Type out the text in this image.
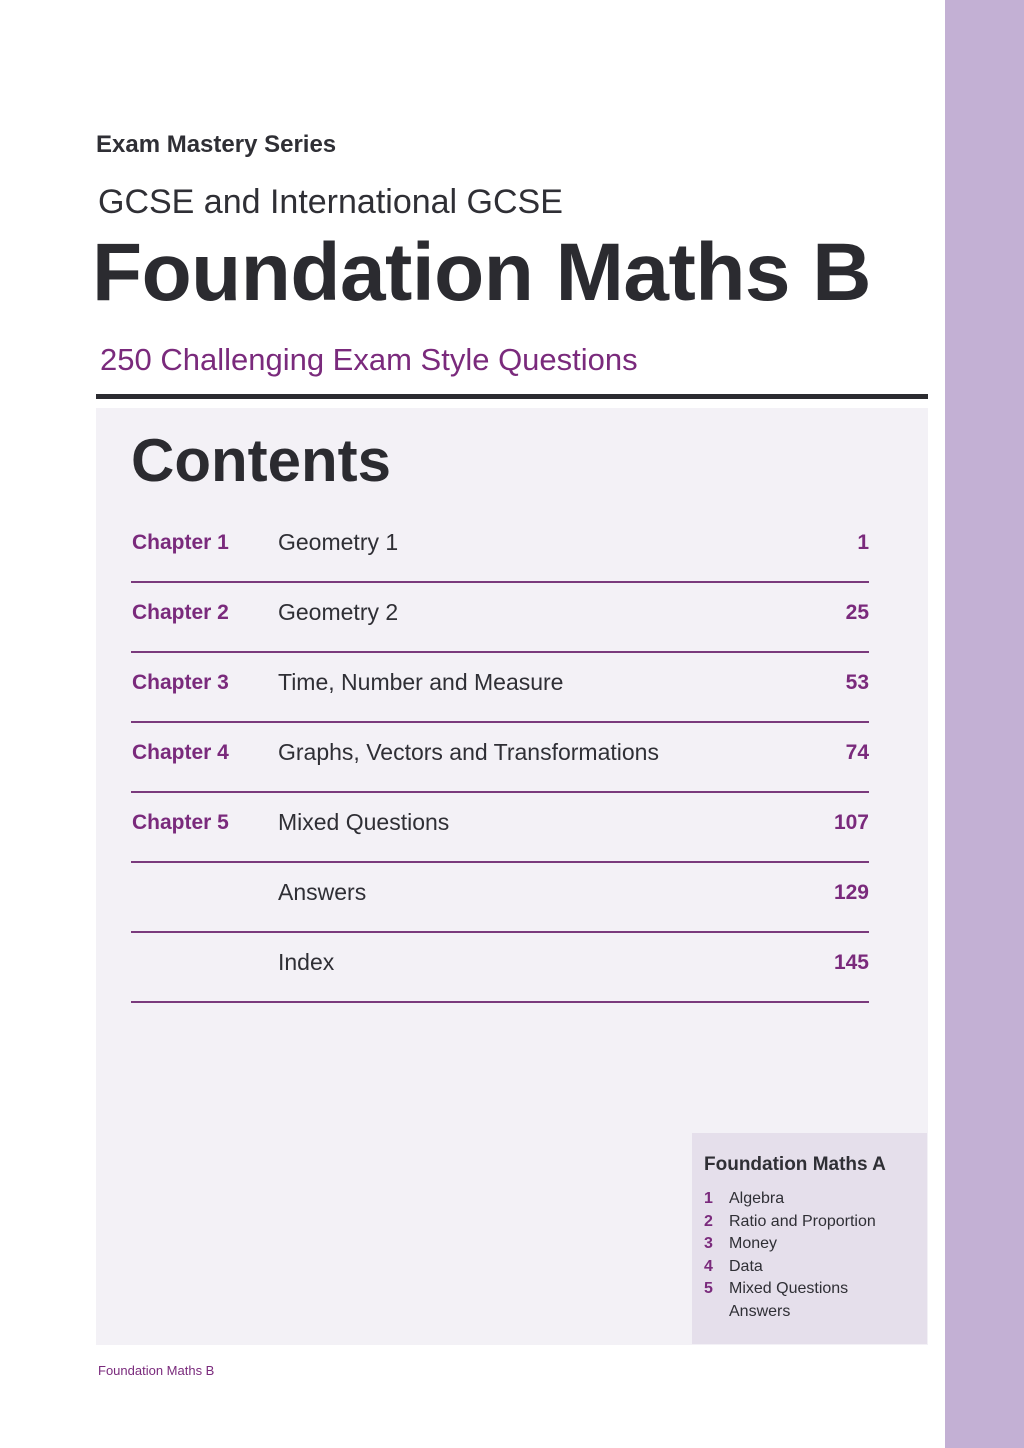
Exam Mastery Series
GCSE and International GCSE
Foundation Maths B
250 Challenging Exam Style Questions
Contents
Chapter 1 Geometry 1	1
Chapter 2 Geometry 2	25
Chapter 3 Time, Number and Measure	53
Chapter 4 Graphs, Vectors and Transformations	74
Chapter 5 Mixed Questions	107
Answers	129
Index	145
Foundation Maths A
1 Algebra
2 Ratio and Proportion
3 Money
4 Data
5 Mixed Questions
Answers
Foundation Maths B
